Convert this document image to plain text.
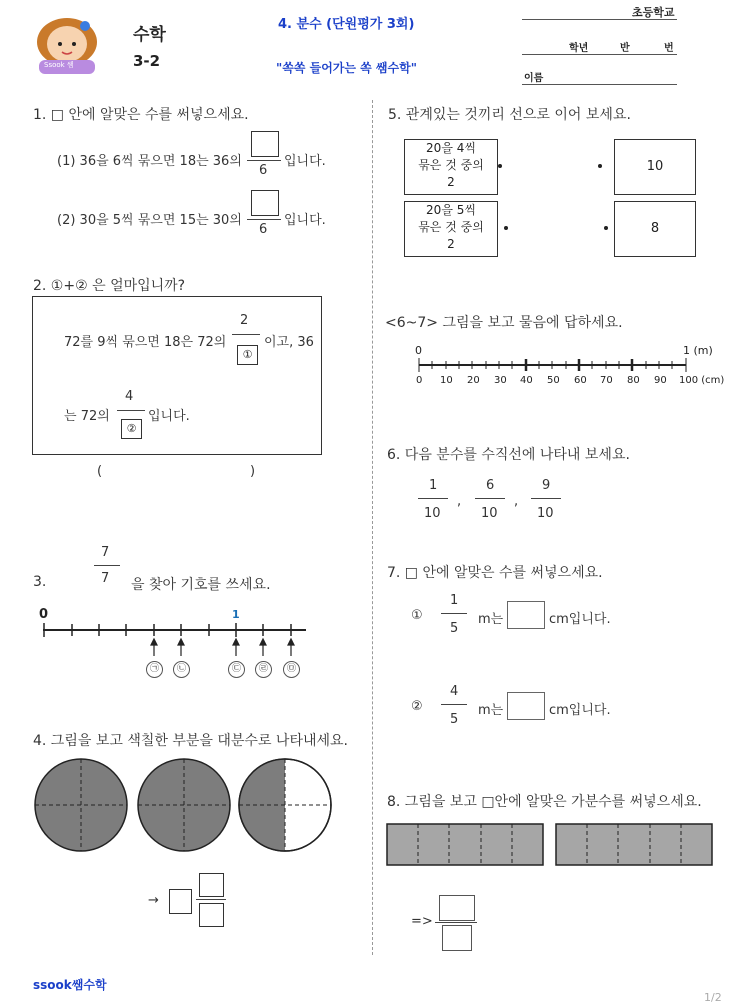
Ssook 쌤
수학
3-2
4. 분수 (단원평가 3회)
"쏙쏙 들어가는 쏙 쌤수학"
초등학교
학년	반	번
이름
1. □ 안에 알맞은 수를 써넣으세요.
(1) 36을 6씩 묶으면 18는 36의
6
입니다.
(2) 30을 5씩 묶으면 15는 30의
6
입니다.
2. ①+② 은 얼마입니까?
72를 9씩 묶으면 18은 72의
2
①
이고, 36
는 72의
4
②
입니다.
(	)
3.
7
7 을 찾아 기호를 쓰세요.
0	1
㉠	㉡	㉢	㉣	㉤
4. 그림을 보고 색칠한 부분을 대분수로 나타내세요.
→
5. 관계있는 것끼리 선으로 이어 보세요.
20을 4씩
묶은 것 중의
2
20을 5씩
묶은 것 중의
2
10
8
<6~7> 그림을 보고 물음에 답하세요.
0	1 (m)
0 10 20 30 40 50 60 70 80 90 100 (cm)
6. 다음 분수를 수직선에 나타내 보세요.
1
10
,
6
10
,
9
10
7. □ 안에 알맞은 수를 써넣으세요.
①
1
5
m는	cm입니다.
②
4
5
m는	cm입니다.
8. 그림을 보고 □안에 알맞은 가분수를 써넣으세요.
=>
ssook쌤수학
1/2
